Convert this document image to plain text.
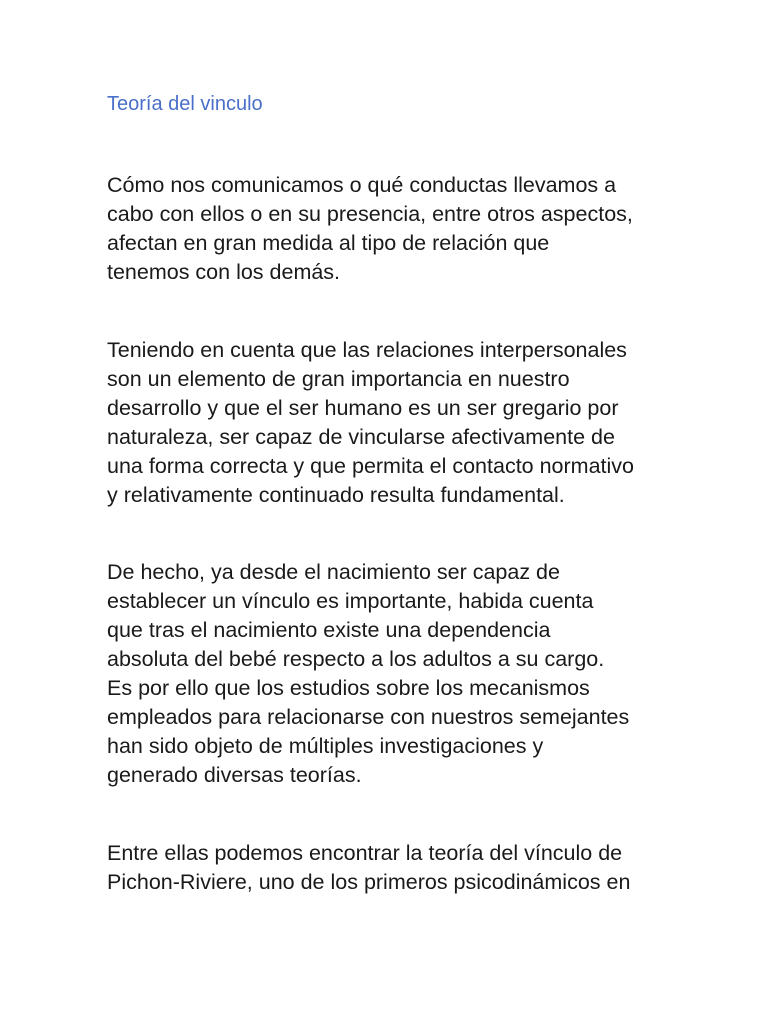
Teoría del vinculo

Cómo nos comunicamos o qué conductas llevamos a
cabo con ellos o en su presencia, entre otros aspectos,
afectan en gran medida al tipo de relación que
tenemos con los demás.

Teniendo en cuenta que las relaciones interpersonales
son un elemento de gran importancia en nuestro
desarrollo y que el ser humano es un ser gregario por
naturaleza, ser capaz de vincularse afectivamente de
una forma correcta y que permita el contacto normativo
y relativamente continuado resulta fundamental.

De hecho, ya desde el nacimiento ser capaz de
establecer un vínculo es importante, habida cuenta
que tras el nacimiento existe una dependencia
absoluta del bebé respecto a los adultos a su cargo.
Es por ello que los estudios sobre los mecanismos
empleados para relacionarse con nuestros semejantes
han sido objeto de múltiples investigaciones y
generado diversas teorías.

Entre ellas podemos encontrar la teoría del vínculo de
Pichon-Riviere, uno de los primeros psicodinámicos en
